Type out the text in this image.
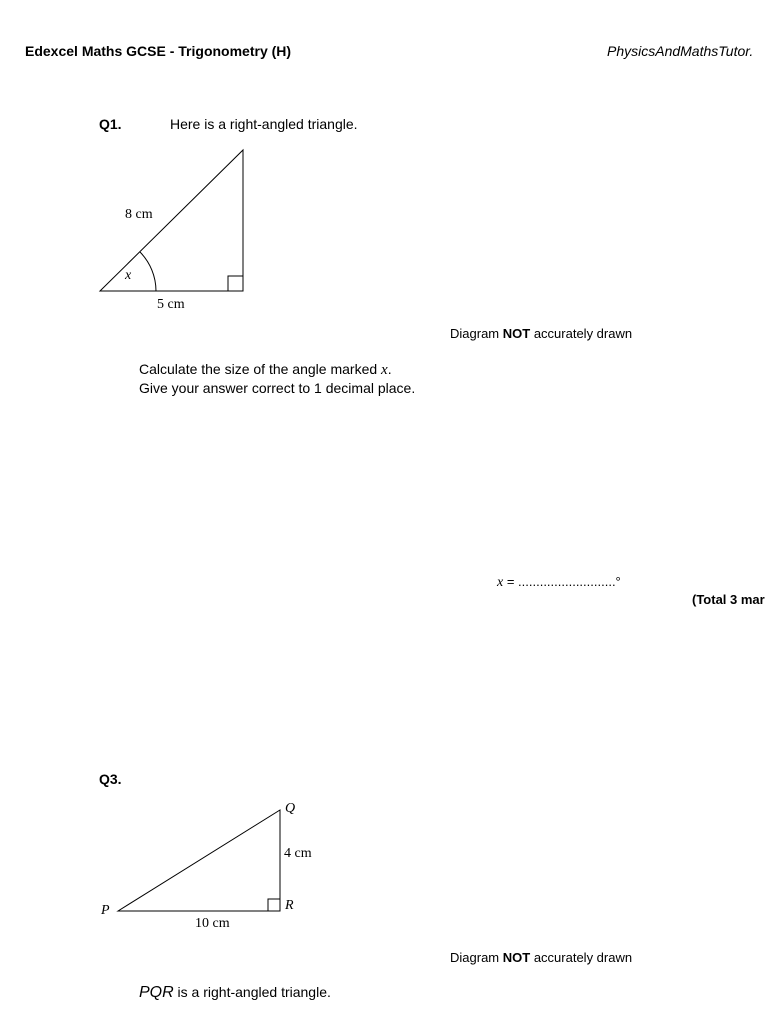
Edexcel Maths GCSE - Trigonometry (H)	PhysicsAndMathsTutor.
Q1.	Here is a right-angled triangle.
8 cm
x
5 cm
Diagram NOT accurately drawn
Calculate the size of the angle marked x.
Give your answer correct to 1 decimal place.
x = ...........................°
(Total 3 mar
Q3.
P
Q
R
4 cm
10 cm
Diagram NOT accurately drawn
PQR is a right-angled triangle.
